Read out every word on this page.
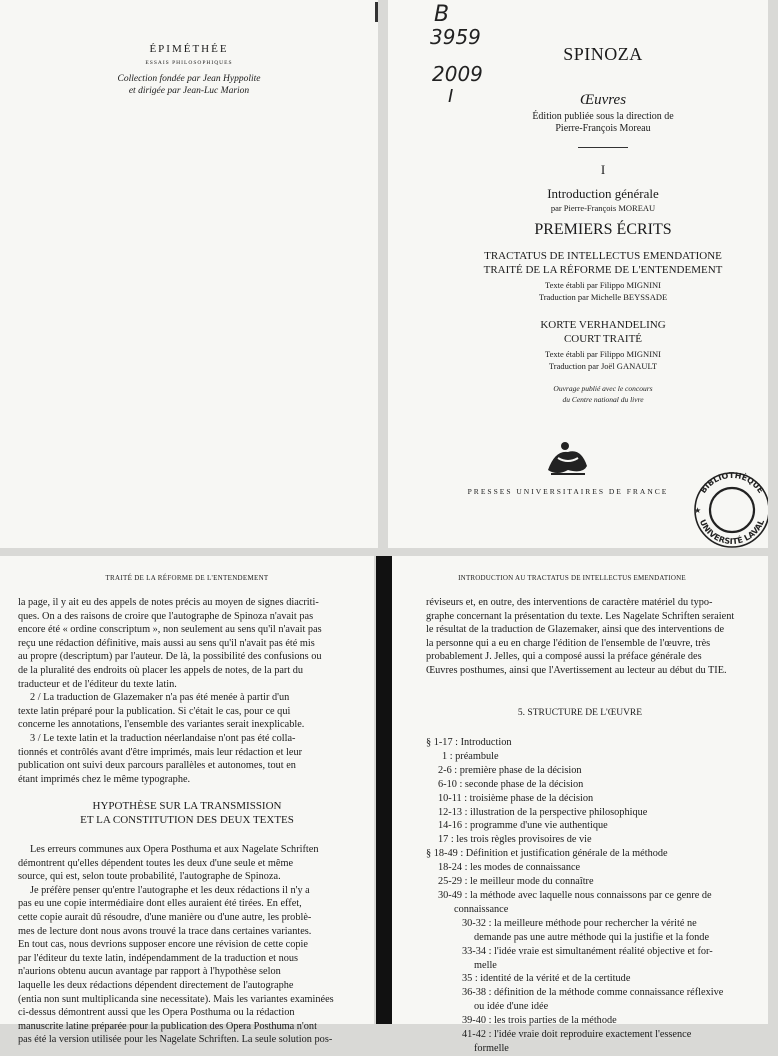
ÉPIMÉTHÉE
ESSAIS PHILOSOPHIQUES
Collection fondée par Jean Hyppolite
et dirigée par Jean-Luc Marion
B
3959
2009
I
SPINOZA
Œuvres
Édition publiée sous la direction de
Pierre-François Moreau
I
Introduction générale
par Pierre-François MOREAU
PREMIERS ÉCRITS
TRACTATUS DE INTELLECTUS EMENDATIONE
TRAITÉ DE LA RÉFORME DE L'ENTENDEMENT
Texte établi par Filippo MIGNINI
Traduction par Michelle BEYSSADE
KORTE VERHANDELING
COURT TRAITÉ
Texte établi par Filippo MIGNINI
Traduction par Joël GANAULT
Ouvrage publié avec le concours
du Centre national du livre
PRESSES UNIVERSITAIRES DE FRANCE	BIBLIOTHÈQUE
UNIVERSITÉ LAVAL
★
TRAITÉ DE LA RÉFORME DE L'ENTENDEMENT
la page, il y ait eu des appels de notes précis au moyen de signes diacriti-
ques. On a des raisons de croire que l'autographe de Spinoza n'avait pas
encore été « ordine conscriptum », non seulement au sens qu'il n'avait pas
reçu une rédaction définitive, mais aussi au sens qu'il n'avait pas été mis
au propre (descriptum) par l'auteur. De là, la possibilité des confusions ou
de la pluralité des endroits où placer les appels de notes, de la part du
traducteur et de l'éditeur du texte latin.
2 / La traduction de Glazemaker n'a pas été menée à partir d'un
texte latin préparé pour la publication. Si c'était le cas, pour ce qui
concerne les annotations, l'ensemble des variantes serait inexplicable.
3 / Le texte latin et la traduction néerlandaise n'ont pas été colla-
tionnés et contrôlés avant d'être imprimés, mais leur rédaction et leur
publication ont suivi deux parcours parallèles et autonomes, tout en
étant imprimés chez le même typographe.
HYPOTHÈSE SUR LA TRANSMISSION
ET LA CONSTITUTION DES DEUX TEXTES
Les erreurs communes aux Opera Posthuma et aux Nagelate Schriften
démontrent qu'elles dépendent toutes les deux d'une seule et même
source, qui est, selon toute probabilité, l'autographe de Spinoza.
Je préfère penser qu'entre l'autographe et les deux rédactions il n'y a
pas eu une copie intermédiaire dont elles auraient été tirées. En effet,
cette copie aurait dû résoudre, d'une manière ou d'une autre, les problè-
mes de lecture dont nous avons trouvé la trace dans certaines variantes.
En tout cas, nous devrions supposer encore une révision de cette copie
par l'éditeur du texte latin, indépendamment de la traduction et nous
n'aurions obtenu aucun avantage par rapport à l'hypothèse selon
laquelle les deux rédactions dépendent directement de l'autographe
(entia non sunt multiplicanda sine necessitate). Mais les variantes examinées
ci-dessus démontrent aussi que les Opera Posthuma ou la rédaction
manuscrite latine préparée pour la publication des Opera Posthuma n'ont
pas été la version utilisée pour les Nagelate Schriften. La seule solution pos-
INTRODUCTION AU TRACTATUS DE INTELLECTUS EMENDATIONE
réviseurs et, en outre, des interventions de caractère matériel du typo-
graphe concernant la présentation du texte. Les Nagelate Schriften seraient
le résultat de la traduction de Glazemaker, ainsi que des interventions de
la personne qui a eu en charge l'édition de l'ensemble de l'œuvre, très
probablement J. Jelles, qui a composé aussi la préface générale des
Œuvres posthumes, ainsi que l'Avertissement au lecteur au début du TIE.
5. STRUCTURE DE L'ŒUVRE
§ 1-17 : Introduction
1 : préambule
2-6 : première phase de la décision
6-10 : seconde phase de la décision
10-11 : troisième phase de la décision
12-13 : illustration de la perspective philosophique
14-16 : programme d'une vie authentique
17 : les trois règles provisoires de vie
§ 18-49 : Définition et justification générale de la méthode
18-24 : les modes de connaissance
25-29 : le meilleur mode du connaître
30-49 : la méthode avec laquelle nous connaissons par ce genre de
connaissance
30-32 : la meilleure méthode pour rechercher la vérité ne
demande pas une autre méthode qui la justifie et la fonde
33-34 : l'idée vraie est simultanément réalité objective et for-
melle
35 : identité de la vérité et de la certitude
36-38 : définition de la méthode comme connaissance réflexive
ou idée d'une idée
39-40 : les trois parties de la méthode
41-42 : l'idée vraie doit reproduire exactement l'essence
formelle
